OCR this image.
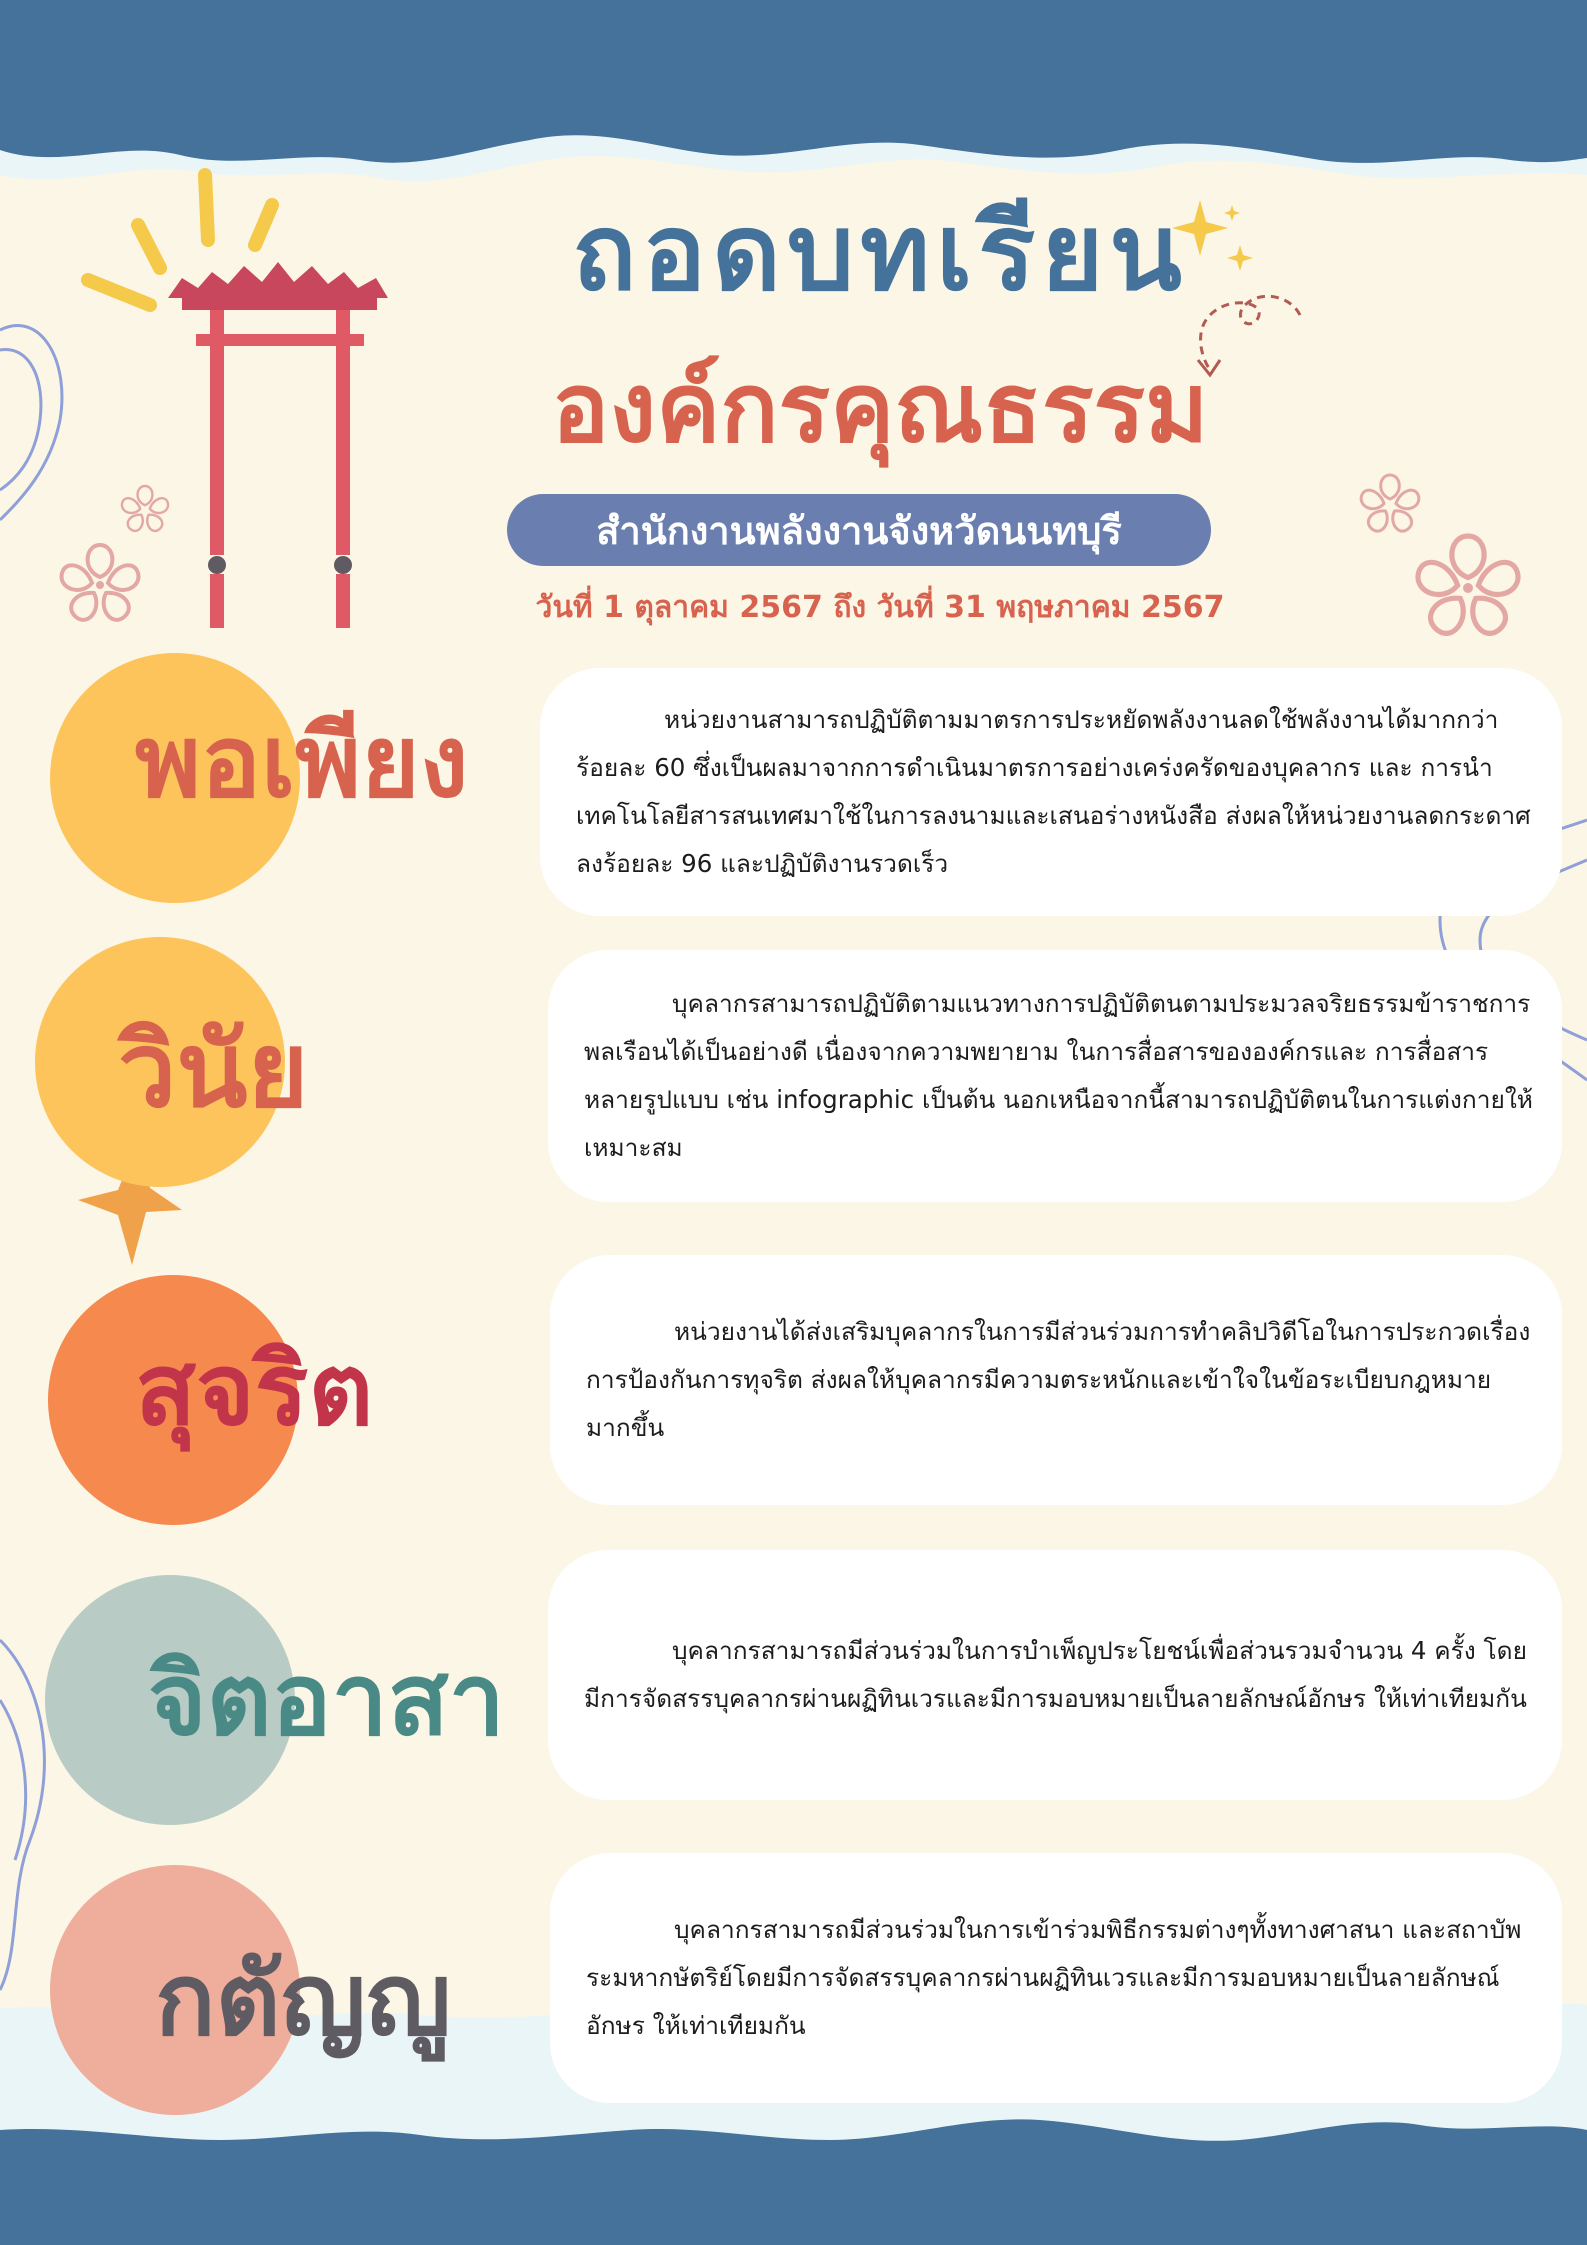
ถอดบทเรียน
องค์กรคุณธรรม
สำนักงานพลังงานจังหวัดนนทบุรี
วันที่ 1 ตุลาคม 2567 ถึง วันที่ 31 พฤษภาคม 2567
พอเพียง	หน่วยงานสามารถปฏิบัติตามมาตรการประหยัดพลังงานลดใช้พลังงานได้มากกว่าร้อยละ 60 ซึ่งเป็นผลมาจากการดำเนินมาตรการอย่างเคร่งครัดของบุคลากร และ การนำเทคโนโลยีสารสนเทศมาใช้ในการลงนามและเสนอร่างหนังสือ ส่งผลให้หน่วยงานลดกระดาศลงร้อยละ 96 และปฏิบัติงานรวดเร็ว

วินัย

บุคลากรสามารถปฏิบัติตามแนวทางการปฏิบัติตนตามประมวลจริยธรรมข้าราชการพลเรือนได้เป็นอย่างดี เนื่องจากความพยายาม ในการสื่อสารขององค์กรและ การสื่อสารหลายรูปแบบ เช่น infographic เป็นต้น นอกเหนือจากนี้สามารถปฏิบัติตนในการแต่งกายให้เหมาะสม

สุจริต	หน่วยงานได้ส่งเสริมบุคลากรในการมีส่วนร่วมการทำคลิปวิดีโอในการประกวดเรื่องการป้องกันการทุจริต ส่งผลให้บุคลากรมีความตระหนักและเข้าใจในข้อระเบียบกฎหมายมากขึ้น

จิตอาสา	บุคลากรสามารถมีส่วนร่วมในการบำเพ็ญประโยชน์เพื่อส่วนรวมจำนวน 4 ครั้ง โดยมีการจัดสรรบุคลากรผ่านผฏิทินเวรและมีการมอบหมายเป็นลายลักษณ์อักษร ให้เท่าเทียมกัน

กตัญญู

บุคลากรสามารถมีส่วนร่วมในการเข้าร่วมพิธีกรรมต่างๆทั้งทางศาสนา และสถาบัพระมหากษัตริย์โดยมีการจัดสรรบุคลากรผ่านผฏิทินเวรและมีการมอบหมายเป็นลายลักษณ์อักษร ให้เท่าเทียมกัน
